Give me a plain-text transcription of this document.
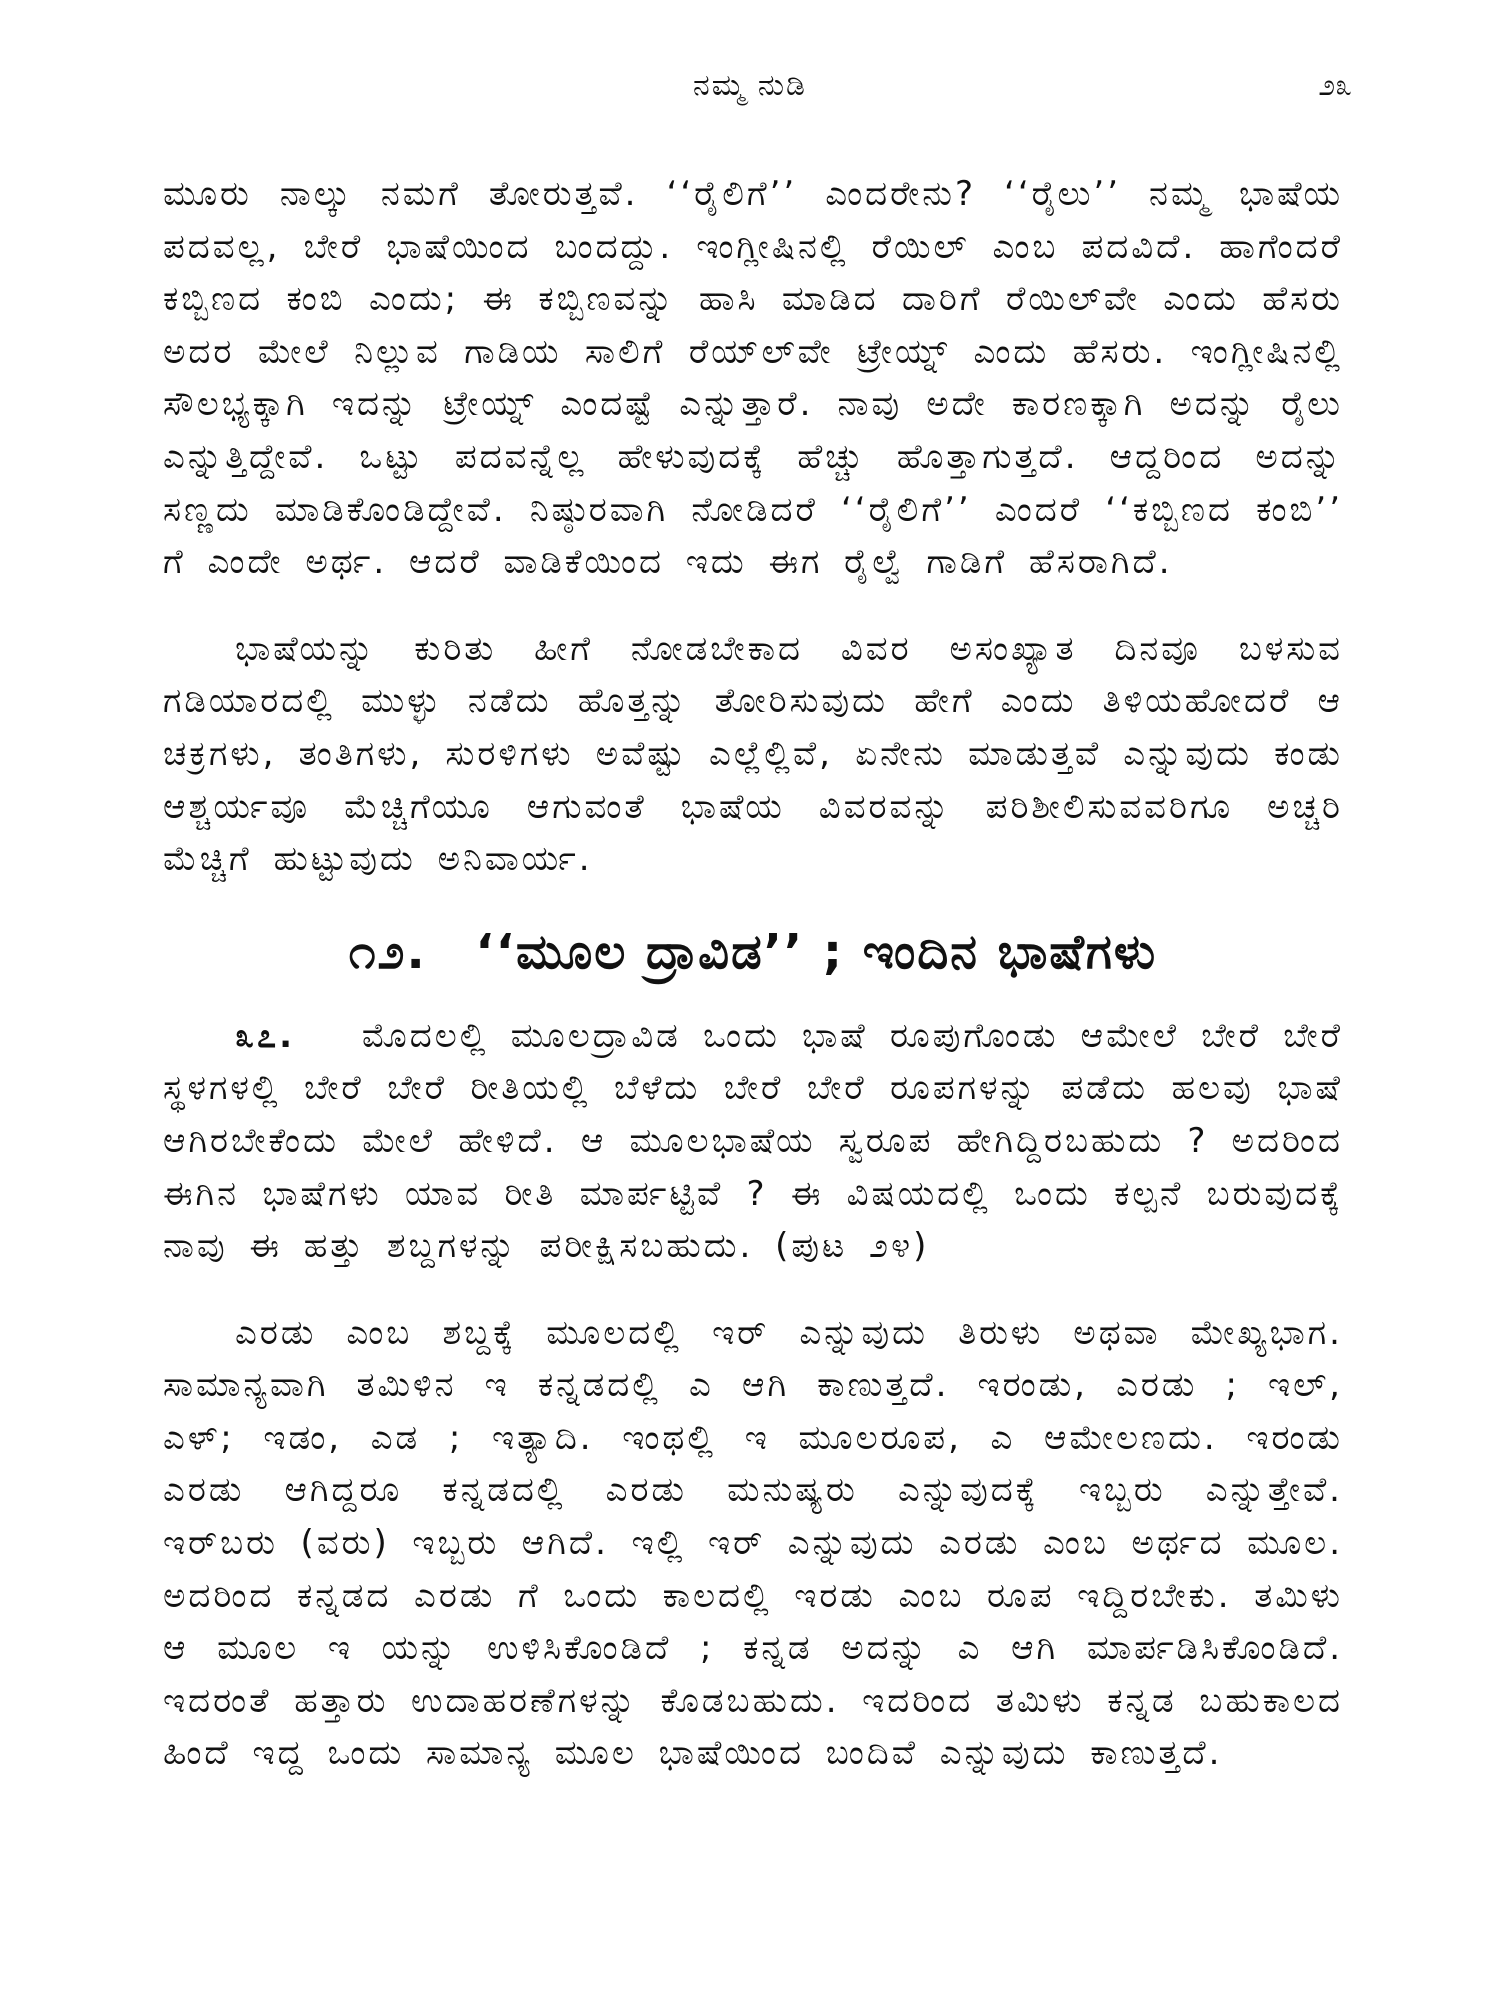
ನಮ್ಮ ನುಡಿ	೨೩

ಮೂರು ನಾಲ್ಕು ನಮಗೆ ತೋರುತ್ತವೆ. ‘‘ರೈಲಿಗೆ’’ ಎಂದರೇನು? ‘‘ರೈಲು’’ ನಮ್ಮ ಭಾಷೆಯ ಪದವಲ್ಲ, ಬೇರೆ ಭಾಷೆಯಿಂದ ಬಂದದ್ದು. ಇಂಗ್ಲೀಷಿನಲ್ಲಿ ರೆಯಿಲ್ ಎಂಬ ಪದವಿದೆ. ಹಾಗೆಂದರೆ ಕಬ್ಬಿಣದ ಕಂಬಿ ಎಂದು; ಈ ಕಬ್ಬಿಣವನ್ನು ಹಾಸಿ ಮಾಡಿದ ದಾರಿಗೆ ರೆಯಿಲ್‌ವೇ ಎಂದು ಹೆಸರು ಅದರ ಮೇಲೆ ನಿಲ್ಲುವ ಗಾಡಿಯ ಸಾಲಿಗೆ ರೆಯ್‌ಲ್‌ವೇ ಟ್ರೇಯ್ನ್ ಎಂದು ಹೆಸರು. ಇಂಗ್ಲೀಷಿನಲ್ಲಿ ಸೌಲಭ್ಯಕ್ಕಾಗಿ ಇದನ್ನು ಟ್ರೇಯ್ನ್ ಎಂದಷ್ಟೆ ಎನ್ನುತ್ತಾರೆ. ನಾವು ಅದೇ ಕಾರಣಕ್ಕಾಗಿ ಅದನ್ನು ರೈಲು ಎನ್ನುತ್ತಿದ್ದೇವೆ. ಒಟ್ಟು ಪದವನ್ನೆಲ್ಲ ಹೇಳುವುದಕ್ಕೆ ಹೆಚ್ಚು ಹೊತ್ತಾಗುತ್ತದೆ. ಆದ್ದರಿಂದ ಅದನ್ನು ಸಣ್ಣದು ಮಾಡಿಕೊಂಡಿದ್ದೇವೆ. ನಿಷ್ಠುರವಾಗಿ ನೋಡಿದರೆ ‘‘ರೈಲಿಗೆ’’ ಎಂದರೆ ‘‘ಕಬ್ಬಿಣದ ಕಂಬಿ’’ ಗೆ ಎಂದೇ ಅರ್ಥ. ಆದರೆ ವಾಡಿಕೆಯಿಂದ ಇದು ಈಗ ರೈಲ್ವೆ ಗಾಡಿಗೆ ಹೆಸರಾಗಿದೆ.

ಭಾಷೆಯನ್ನು ಕುರಿತು ಹೀಗೆ ನೋಡಬೇಕಾದ ವಿವರ ಅಸಂಖ್ಯಾತ ದಿನವೂ ಬಳಸುವ ಗಡಿಯಾರದಲ್ಲಿ ಮುಳ್ಳು ನಡೆದು ಹೊತ್ತನ್ನು ತೋರಿಸುವುದು ಹೇಗೆ ಎಂದು ತಿಳಿಯಹೋದರೆ ಆ ಚಕ್ರಗಳು, ತಂತಿಗಳು, ಸುರಳಿಗಳು ಅವೆಷ್ಟು ಎಲ್ಲೆಲ್ಲಿವೆ, ಏನೇನು ಮಾಡುತ್ತವೆ ಎನ್ನುವುದು ಕಂಡು ಆಶ್ಚರ್ಯವೂ ಮೆಚ್ಚಿಗೆಯೂ ಆಗುವಂತೆ ಭಾಷೆಯ ವಿವರವನ್ನು ಪರಿಶೀಲಿಸುವವರಿಗೂ ಅಚ್ಚರಿ ಮೆಚ್ಚಿಗೆ ಹುಟ್ಟುವುದು ಅನಿವಾರ್ಯ.

೧೨. ‘‘ಮೂಲ ದ್ರಾವಿಡ’’ ; ಇಂದಿನ ಭಾಷೆಗಳು

೩೭. ಮೊದಲಲ್ಲಿ ಮೂಲದ್ರಾವಿಡ ಒಂದು ಭಾಷೆ ರೂಪುಗೊಂಡು ಆಮೇಲೆ ಬೇರೆ ಬೇರೆ ಸ್ಥಳಗಳಲ್ಲಿ ಬೇರೆ ಬೇರೆ ರೀತಿಯಲ್ಲಿ ಬೆಳೆದು ಬೇರೆ ಬೇರೆ ರೂಪಗಳನ್ನು ಪಡೆದು ಹಲವು ಭಾಷೆ ಆಗಿರಬೇಕೆಂದು ಮೇಲೆ ಹೇಳಿದೆ. ಆ ಮೂಲಭಾಷೆಯ ಸ್ವರೂಪ ಹೇಗಿದ್ದಿರಬಹುದು ? ಅದರಿಂದ ಈಗಿನ ಭಾಷೆಗಳು ಯಾವ ರೀತಿ ಮಾರ್ಪಟ್ಟಿವೆ ? ಈ ವಿಷಯದಲ್ಲಿ ಒಂದು ಕಲ್ಪನೆ ಬರುವುದಕ್ಕೆ ನಾವು ಈ ಹತ್ತು ಶಬ್ದಗಳನ್ನು ಪರೀಕ್ಷಿಸಬಹುದು. (ಪುಟ ೨೪)

ಎರಡು ಎಂಬ ಶಬ್ದಕ್ಕೆ ಮೂಲದಲ್ಲಿ ಇರ್ ಎನ್ನುವುದು ತಿರುಳು ಅಥವಾ ಮೇಖ್ಯಭಾಗ. ಸಾಮಾನ್ಯವಾಗಿ ತಮಿಳಿನ ಇ ಕನ್ನಡದಲ್ಲಿ ಎ ಆಗಿ ಕಾಣುತ್ತದೆ. ಇರಂಡು, ಎರಡು ; ಇಲ್, ಎಳ್; ಇಡಂ, ಎಡ ; ಇತ್ಯಾದಿ. ಇಂಥಲ್ಲಿ ಇ ಮೂಲರೂಪ, ಎ ಆಮೇಲಣದು. ಇರಂಡು ಎರಡು ಆಗಿದ್ದರೂ ಕನ್ನಡದಲ್ಲಿ ಎರಡು ಮನುಷ್ಯರು ಎನ್ನುವುದಕ್ಕೆ ಇಬ್ಬರು ಎನ್ನುತ್ತೇವೆ. ಇರ್‌ಬರು (ವರು) ಇಬ್ಬರು ಆಗಿದೆ. ಇಲ್ಲಿ ಇರ್ ಎನ್ನುವುದು ಎರಡು ಎಂಬ ಅರ್ಥದ ಮೂಲ. ಅದರಿಂದ ಕನ್ನಡದ ಎರಡು ಗೆ ಒಂದು ಕಾಲದಲ್ಲಿ ಇರಡು ಎಂಬ ರೂಪ ಇದ್ದಿರಬೇಕು. ತಮಿಳು ಆ ಮೂಲ ಇ ಯನ್ನು ಉಳಿಸಿಕೊಂಡಿದೆ ; ಕನ್ನಡ ಅದನ್ನು ಎ ಆಗಿ ಮಾರ್ಪಡಿಸಿಕೊಂಡಿದೆ. ಇದರಂತೆ ಹತ್ತಾರು ಉದಾಹರಣೆಗಳನ್ನು ಕೊಡಬಹುದು. ಇದರಿಂದ ತಮಿಳು ಕನ್ನಡ ಬಹುಕಾಲದ ಹಿಂದೆ ಇದ್ದ ಒಂದು ಸಾಮಾನ್ಯ ಮೂಲ ಭಾಷೆಯಿಂದ ಬಂದಿವೆ ಎನ್ನುವುದು ಕಾಣುತ್ತದೆ.
